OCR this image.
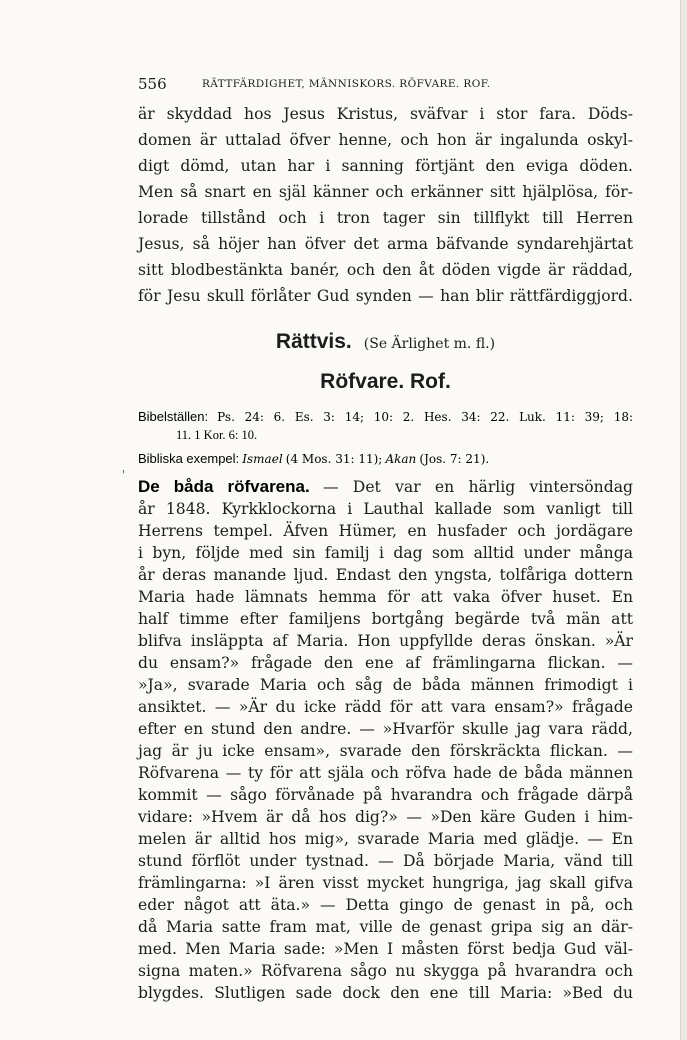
556	RÄTTFÄRDIGHET, MÄNNISKORS. RÖFVARE. ROF.
är skyddad hos Jesus Kristus, sväfvar i stor fara. Döds-
domen är uttalad öfver henne, och hon är ingalunda oskyl-
digt dömd, utan har i sanning förtjänt den eviga döden.
Men så snart en själ känner och erkänner sitt hjälplösa, för-
lorade tillstånd och i tron tager sin tillflykt till Herren
Jesus, så höjer han öfver det arma bäfvande syndarehjärtat
sitt blodbestänkta banér, och den åt döden vigde är räddad,
för Jesu skull förlåter Gud synden — han blir rättfärdiggjord.
Rättvis. (Se Ärlighet m. fl.)
Röfvare. Rof.
Bibelställen: Ps. 24: 6. Es. 3: 14; 10: 2. Hes. 34: 22. Luk. 11: 39; 18:
11. 1 Kor. 6: 10.
Bibliska exempel: Ismael (4 Mos. 31: 11); Akan (Jos. 7: 21).
'
De båda röfvarena. — Det var en härlig vintersöndag
år 1848. Kyrkklockorna i Lauthal kallade som vanligt till
Herrens tempel. Äfven Hümer, en husfader och jordägare
i byn, följde med sin familj i dag som alltid under många
år deras manande ljud. Endast den yngsta, tolfåriga dottern
Maria hade lämnats hemma för att vaka öfver huset. En
half timme efter familjens bortgång begärde två män att
blifva insläppta af Maria. Hon uppfyllde deras önskan. »Är
du ensam?» frågade den ene af främlingarna flickan. —
»Ja», svarade Maria och såg de båda männen frimodigt i
ansiktet. — »Är du icke rädd för att vara ensam?» frågade
efter en stund den andre. — »Hvarför skulle jag vara rädd,
jag är ju icke ensam», svarade den förskräckta flickan. —
Röfvarena — ty för att själa och röfva hade de båda männen
kommit — sågo förvånade på hvarandra och frågade därpå
vidare: »Hvem är då hos dig?» — »Den käre Guden i him-
melen är alltid hos mig», svarade Maria med glädje. — En
stund förflöt under tystnad. — Då började Maria, vänd till
främlingarna: »I ären visst mycket hungriga, jag skall gifva
eder något att äta.» — Detta gingo de genast in på, och
då Maria satte fram mat, ville de genast gripa sig an där-
med. Men Maria sade: »Men I måsten först bedja Gud väl-
signa maten.» Röfvarena sågo nu skygga på hvarandra och
blygdes. Slutligen sade dock den ene till Maria: »Bed du
